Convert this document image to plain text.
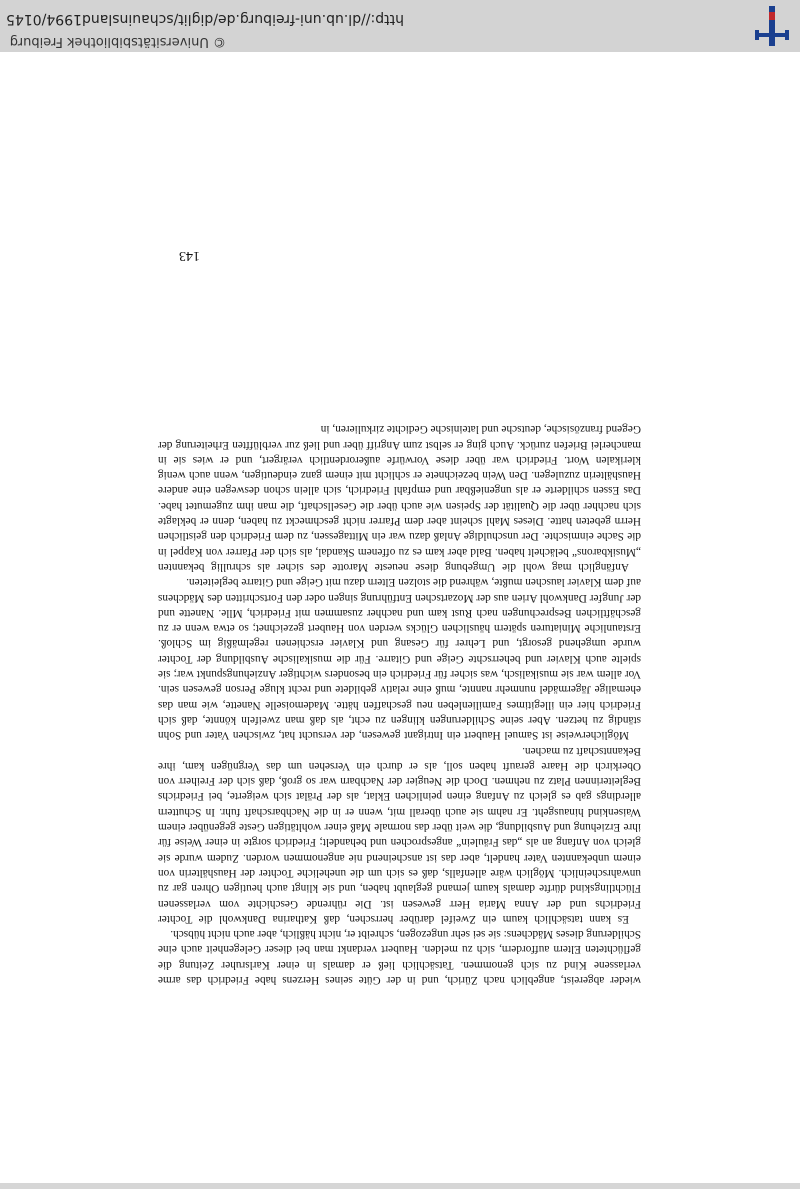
wieder abgereist, angeblich nach Zürich, und in der Güte seines Herzens habe Friedrich das arme verlassene Kind zu sich genommen. Tatsächlich ließ er damals in einer Karlsruher Zeitung die geflüchteten Eltern auffordern, sich zu melden. Haubert verdankt man bei dieser Gelegenheit auch eine Schilderung dieses Mädchens: sie sei sehr ungezogen, schreibt er, nicht häßlich, aber auch nicht hübsch.

Es kann tatsächlich kaum ein Zweifel darüber herrschen, daß Katharina Dankwohl die Tochter Friedrichs und der Anna Maria Herr gewesen ist. Die rührende Geschichte vom verlassenen Flüchtlingskind dürfte damals kaum jemand geglaubt haben, und sie klingt auch heutigen Ohren gar zu unwahrscheinlich. Möglich wäre allenfalls, daß es sich um die uneheliche Tochter der Haushälterin von einem unbekannten Vater handelt, aber das ist anscheinend nie angenommen worden. Zudem wurde sie gleich von Anfang an als „das Fräulein“ angesprochen und behandelt; Friedrich sorgte in einer Weise für ihre Erziehung und Ausbildung, die weit über das normale Maß einer wohltätigen Geste gegenüber einem Waisenkind hinausgeht. Er nahm sie auch überall mit, wenn er in die Nachbarschaft fuhr. In Schuttern allerdings gab es gleich zu Anfang einen peinlichen Eklat, als der Prälat sich weigerte, bei Friedrichs Begleiterinnen Platz zu nehmen. Doch die Neugier der Nachbarn war so groß, daß sich der Freiherr von Oberkirch die Haare gerauft haben soll, als er durch ein Versehen um das Vergnügen kam, ihre Bekanntschaft zu machen.

Möglicherweise ist Samuel Haubert ein Intrigant gewesen, der versucht hat, zwischen Vater und Sohn ständig zu hetzen. Aber seine Schilderungen klingen zu echt, als daß man zweifeln könnte, daß sich Friedrich hier ein illegitimes Familienleben neu geschaffen hätte. Mademoiselle Nanette, wie man das ehemalige Jägermädel nunmehr nannte, muß eine relativ gebildete und recht kluge Person gewesen sein. Vor allem war sie musikalisch, was sicher für Friedrich ein besonders wichtiger Anziehungspunkt war; sie spielte auch Klavier und beherrschte Geige und Gitarre. Für die musikalische Ausbildung der Tochter wurde umgehend gesorgt, und Lehrer für Gesang und Klavier erschienen regelmäßig im Schloß. Erstaunliche Miniaturen spätern häuslichen Glücks werden von Haubert gezeichnet; so etwa wenn er zu geschäftlichen Besprechungen nach Rust kam und nachher zusammen mit Friedrich, Mlle. Nanette und der Jungfer Dankwohl Arien aus der Mozartschen Entführung singen oder den Fortschritten des Mädchens auf dem Klavier lauschen mußte, während die stolzen Eltern dazu mit Geige und Gitarre begleiteten.

Anfänglich mag wohl die Umgebung diese neueste Marotte des sicher als schrullig bekannten „Musikbarons“ belächelt haben. Bald aber kam es zu offenem Skandal, als sich der Pfarrer von Kappel in die Sache einmischte. Der unschuldige Anlaß dazu war ein Mittagessen, zu dem Friedrich den geistlichen Herrn gebeten hatte. Dieses Mahl scheint aber dem Pfarrer nicht geschmeckt zu haben, denn er beklagte sich nachher über die Qualität der Speisen wie auch über die Gesellschaft, die man ihm zugemutet habe. Das Essen schilderte er als ungenießbar und empfahl Friedrich, sich allein schon deswegen eine andere Haushälterin zuzulegen. Den Wein bezeichnete er schlicht mit einem ganz eindeutigen, wenn auch wenig klerikalen Wort. Friedrich war über diese Vorwürfe außerordentlich verärgert, und er wies sie in mancherlei Briefen zurück. Auch ging er selbst zum Angriff über und ließ zur verblüfften Erheiterung der Gegend französische, deutsche und lateinische Gedichte zirkulieren, in

143
© Universitätsbibliothek Freiburg
http://dl.ub.uni-freiburg.de/diglit/schauinsland1994/0145
